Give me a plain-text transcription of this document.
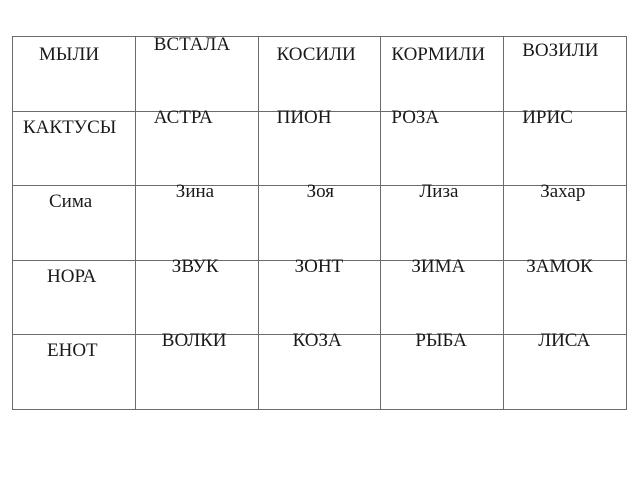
МЫЛИ	ВСТАЛА	КОСИЛИ	КОРМИЛИ	ВОЗИЛИ

КАКТУСЫ	АСТРА	ПИОН	РОЗА	ИРИС

Сима	Зина	Зоя	Лиза	Захар

НОРА	ЗВУК	ЗОНТ	ЗИМА	ЗАМОК

ЕНОТ	ВОЛКИ	КОЗА	РЫБА	ЛИСА
